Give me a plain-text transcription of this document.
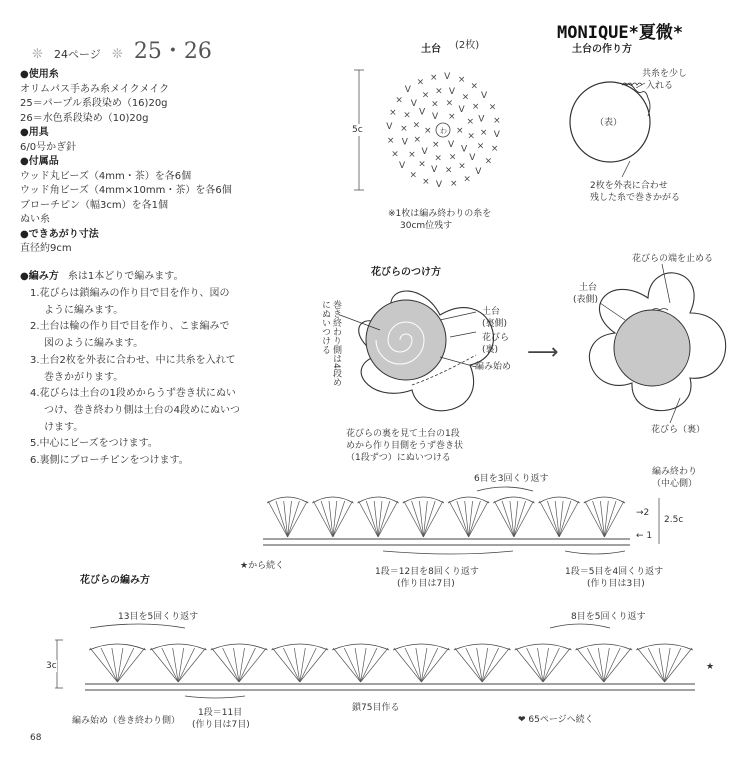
❊ 24ページ ❊ 25・26
MONIQUE*夏微*
●使用糸
オリムパス手あみ糸メイクメイク
25＝パープル系段染め（16)20g
26＝水色系段染め（10)20g
●用具
6/0号かぎ針
●付属品
ウッド丸ビーズ（4mm・茶）を各6個
ウッド角ビーズ（4mm×10mm・茶）を各6個
ブローチピン（幅3cm）を各1個
ぬい糸
●できあがり寸法
直径約9cm
●編み方 糸は1本どりで編みます。
1.花びらは鎖編みの作り目で目を作り、図の
ように編みます。
2.土台は輪の作り目で目を作り、こま編みで
図のように編みます。
3.土台2枚を外表に合わせ、中に共糸を入れて
巻きかがります。
4.花びらは土台の1段めからうず巻き状にぬい
つけ、巻き終わり側は土台の4段めにぬいつ
けます。
5.中心にビーズをつけます。
6.裏側にブローチピンをつけます。
土台 (2枚)
×
V
×
×
V ×
×
V
×
×
V
×
×
V
× ×
V
×
×
V
×
×
V
×
×
V
×
×
V
× × V
×
×
V
×
×
V
×
×
V
×
×
V
×
×
V
×
×
V
× × V ×
×
V
×
×
V
×
わ
5c
※1枚は編み終わりの糸を
30cm位残す
土台の作り方
共糸を少し
入れる
（表）
2枚を外表に合わせ
残した糸で巻きかがる
花びらのつけ方
巻き終わり側は4段めにぬいつける	土台
(裏側)
花びら
(裏)
編み始め
花びらの裏を見て土台の1段
めから作り目側をうず巻き状
（1段ずつ）にぬいつける
⟶
花びらの端を止める
土台
(表側)
花びら（裏）
6目を3回くり返す
編み終わり
（中心側）
→2
← 1
2.5c
★から続く
1段＝12目を8回くり返す
(作り目は7目)
1段＝5目を4回くり返す
(作り目は3目)
花びらの編み方
13目を5回くり返す	8目を5回くり返す
3c	★
編み始め（巻き終わり側）
1段＝11目
(作り目は7目)
鎖75目作る
❤ 65ページへ続く
68
